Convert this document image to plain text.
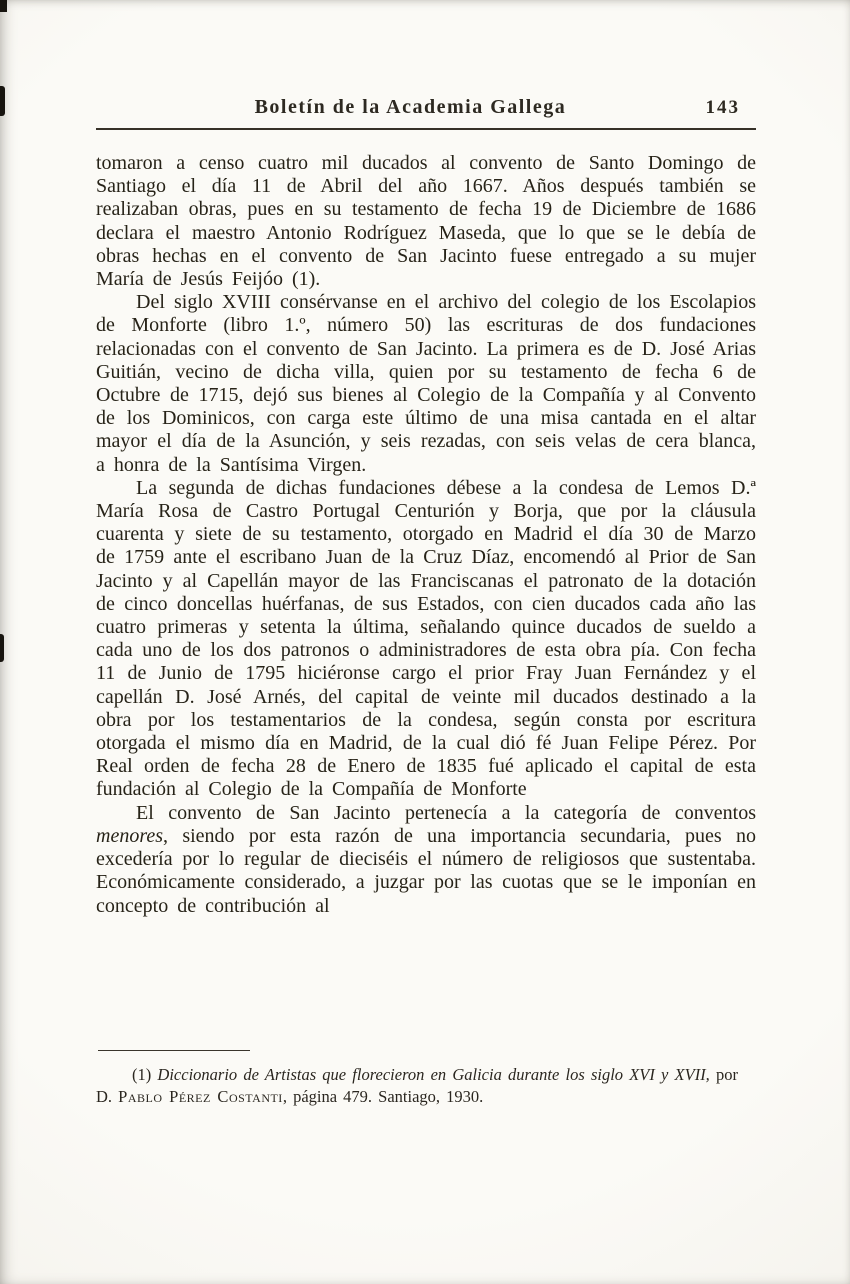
Boletín de la Academia Gallega	143

tomaron a censo cuatro mil ducados al convento de Santo Domingo de Santiago el día 11 de Abril del año 1667. Años después también se realizaban obras, pues en su testamento de fecha 19 de Diciembre de 1686 declara el maestro Antonio Rodríguez Maseda, que lo que se le debía de obras hechas en el convento de San Jacinto fuese entregado a su mujer María de Jesús Feijóo (1).

Del siglo XVIII consérvanse en el archivo del colegio de los Escolapios de Monforte (libro 1.º, número 50) las escrituras de dos fundaciones relacionadas con el convento de San Jacinto. La primera es de D. José Arias Guitián, vecino de dicha villa, quien por su testamento de fecha 6 de Octubre de 1715, dejó sus bienes al Colegio de la Compañía y al Convento de los Dominicos, con carga este último de una misa cantada en el altar mayor el día de la Asunción, y seis rezadas, con seis velas de cera blanca, a honra de la Santísima Virgen.

La segunda de dichas fundaciones débese a la condesa de Lemos D.ª María Rosa de Castro Portugal Centurión y Borja, que por la cláusula cuarenta y siete de su testamento, otorgado en Madrid el día 30 de Marzo de 1759 ante el escribano Juan de la Cruz Díaz, encomendó al Prior de San Jacinto y al Capellán mayor de las Franciscanas el patronato de la dotación de cinco doncellas huérfanas, de sus Estados, con cien ducados cada año las cuatro primeras y setenta la última, señalando quince ducados de sueldo a cada uno de los dos patronos o administradores de esta obra pía. Con fecha 11 de Junio de 1795 hiciéronse cargo el prior Fray Juan Fernández y el capellán D. José Arnés, del capital de veinte mil ducados destinado a la obra por los testamentarios de la condesa, según consta por escritura otorgada el mismo día en Madrid, de la cual dió fé Juan Felipe Pérez. Por Real orden de fecha 28 de Enero de 1835 fué aplicado el capital de esta fundación al Colegio de la Compañía de Monforte

El convento de San Jacinto pertenecía a la categoría de conventos menores, siendo por esta razón de una importancia secundaria, pues no excedería por lo regular de dieciséis el número de religiosos que sustentaba. Económicamente considerado, a juzgar por las cuotas que se le imponían en concepto de contribución al

(1) Diccionario de Artistas que florecieron en Galicia durante los siglo XVI y XVII, por D. Pablo Pérez Costanti, página 479. Santiago, 1930.
